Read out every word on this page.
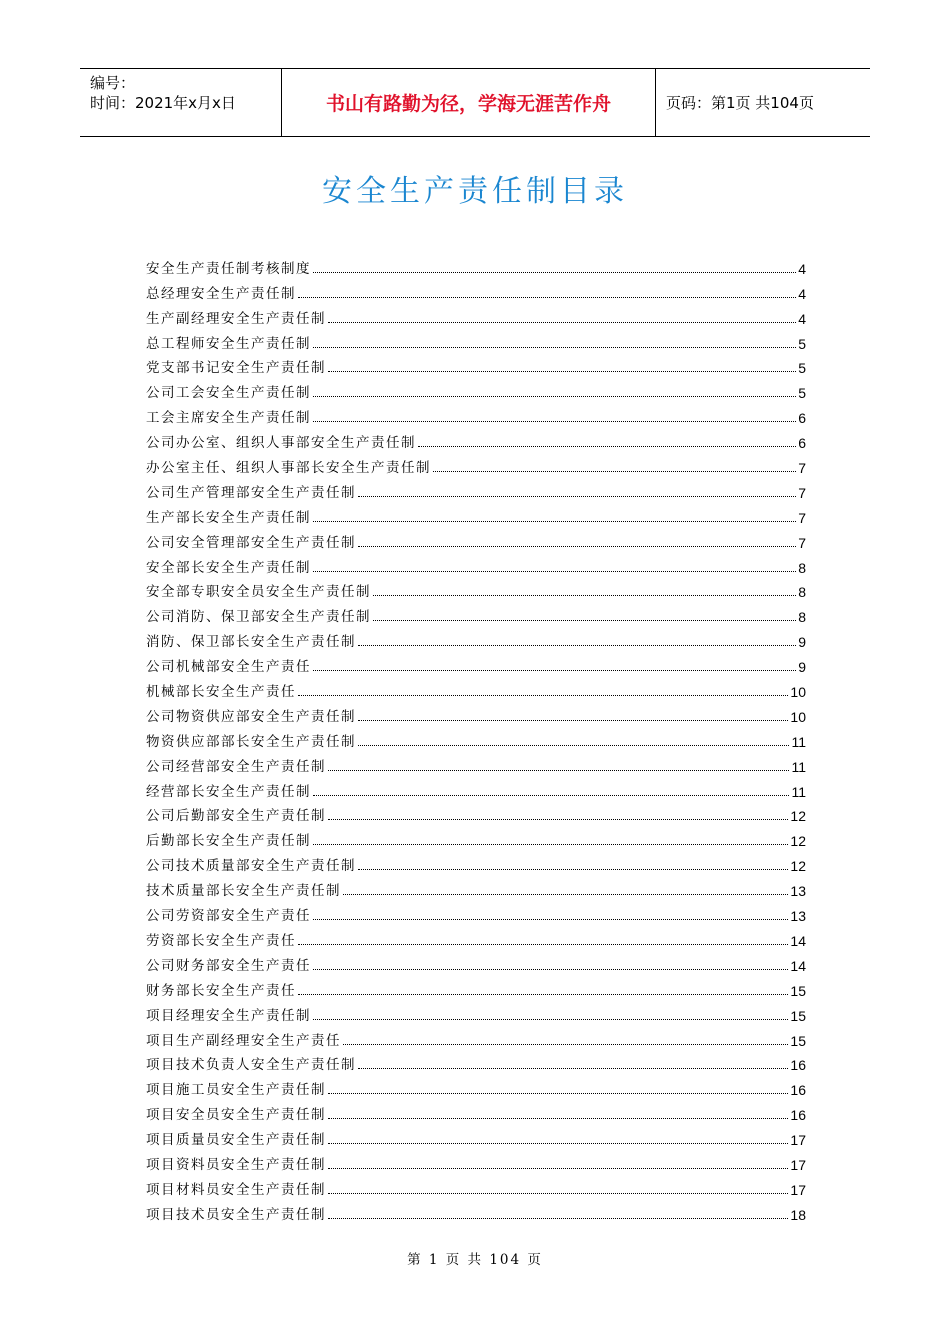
编号：
时间：2021年x月x日	书山有路勤为径，学海无涯苦作舟	页码：第1页 共104页
安全生产责任制目录
安全生产责任制考核制度	4
总经理安全生产责任制	4
生产副经理安全生产责任制	4
总工程师安全生产责任制	5
党支部书记安全生产责任制	5
公司工会安全生产责任制	5
工会主席安全生产责任制	6
公司办公室、组织人事部安全生产责任制	6
办公室主任、组织人事部长安全生产责任制	7
公司生产管理部安全生产责任制	7
生产部长安全生产责任制	7
公司安全管理部安全生产责任制	7
安全部长安全生产责任制	8
安全部专职安全员安全生产责任制	8
公司消防、保卫部安全生产责任制	8
消防、保卫部长安全生产责任制	9
公司机械部安全生产责任	9
机械部长安全生产责任	10
公司物资供应部安全生产责任制	10
物资供应部部长安全生产责任制	11
公司经营部安全生产责任制	11
经营部长安全生产责任制	11
公司后勤部安全生产责任制	12
后勤部长安全生产责任制	12
公司技术质量部安全生产责任制	12
技术质量部长安全生产责任制	13
公司劳资部安全生产责任	13
劳资部长安全生产责任	14
公司财务部安全生产责任	14
财务部长安全生产责任	15
项目经理安全生产责任制	15
项目生产副经理安全生产责任	15
项目技术负责人安全生产责任制	16
项目施工员安全生产责任制	16
项目安全员安全生产责任制	16
项目质量员安全生产责任制	17
项目资料员安全生产责任制	17
项目材料员安全生产责任制	17
项目技术员安全生产责任制	18
第 1 页 共 104 页
